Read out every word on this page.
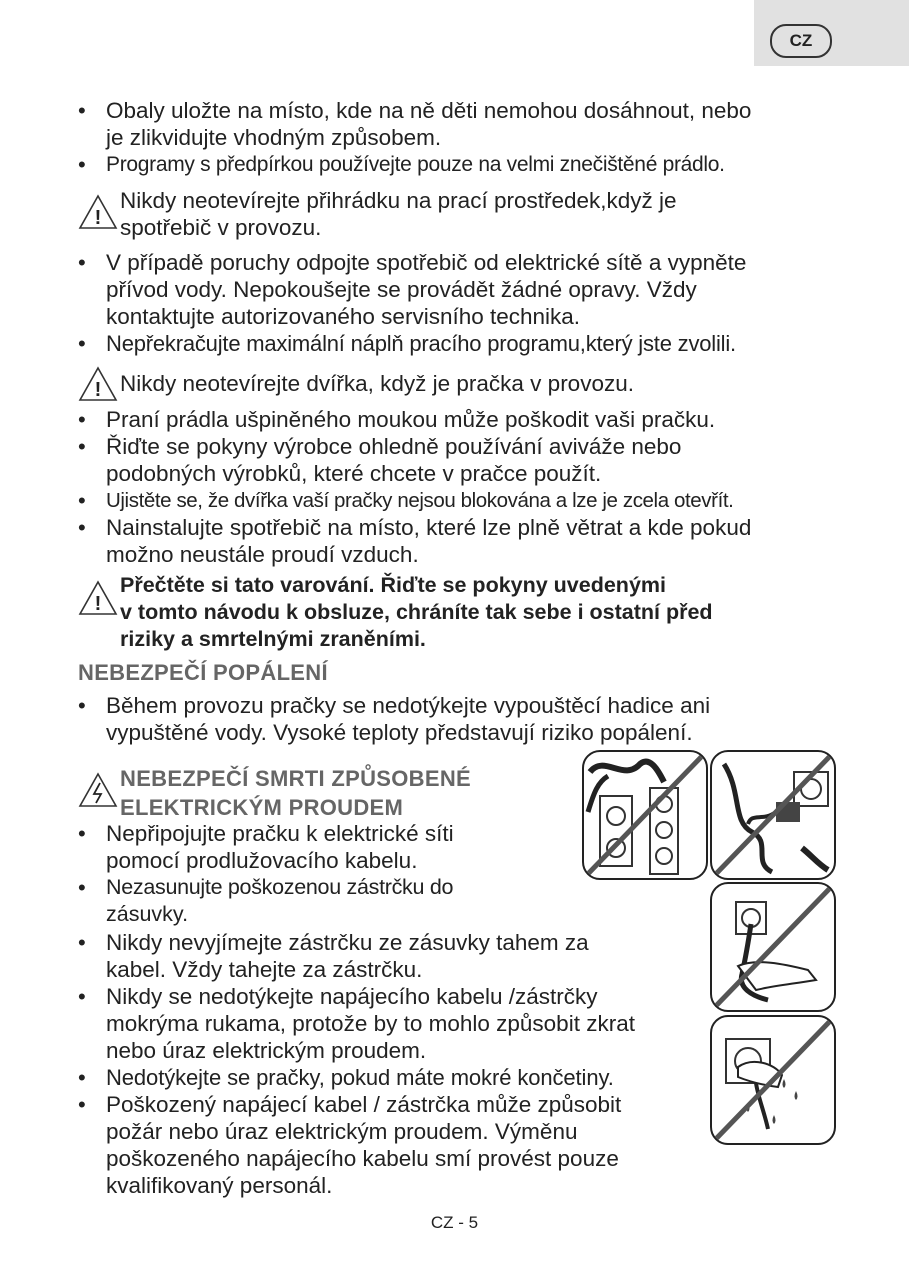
CZ
• Obaly uložte na místo, kde na ně děti nemohou dosáhnout, nebo
je zlikvidujte vhodným způsobem.
• Programy s předpírkou používejte pouze na velmi znečištěné prádlo.
!
Nikdy neotevírejte přihrádku na prací prostředek,když je
spotřebič v provozu.
• V případě poruchy odpojte spotřebič od elektrické sítě a vypněte
přívod vody. Nepokoušejte se provádět žádné opravy. Vždy
kontaktujte autorizovaného servisního technika.
• Nepřekračujte maximální náplň pracího programu,který jste zvolili.
! Nikdy neotevírejte dvířka, když je pračka v provozu.
• Praní prádla ušpiněného moukou může poškodit vaši pračku.
• Řiďte se pokyny výrobce ohledně používání aviváže nebo
podobných výrobků, které chcete v pračce použít.
• Ujistěte se, že dvířka vaší pračky nejsou blokována a lze je zcela otevřít.
• Nainstalujte spotřebič na místo, které lze plně větrat a kde pokud
možno neustále proudí vzduch.
!
Přečtěte si tato varování. Řiďte se pokyny uvedenými
v tomto návodu k obsluze, chráníte tak sebe i ostatní před
riziky a smrtelnými zraněními.
NEBEZPEČÍ POPÁLENÍ
• Během provozu pračky se nedotýkejte vypouštěcí hadice ani
vypuštěné vody. Vysoké teploty představují riziko popálení.
NEBEZPEČÍ SMRTI ZPŮSOBENÉ
ELEKTRICKÝM PROUDEM
• Nepřipojujte pračku k elektrické síti
pomocí prodlužovacího kabelu.
• Nezasunujte poškozenou zástrčku do
zásuvky.
• Nikdy nevyjímejte zástrčku ze zásuvky tahem za
kabel. Vždy tahejte za zástrčku.
• Nikdy se nedotýkejte napájecího kabelu /zástrčky
mokrýma rukama, protože by to mohlo způsobit zkrat
nebo úraz elektrickým proudem.
• Nedotýkejte se pračky, pokud máte mokré končetiny.
• Poškozený napájecí kabel / zástrčka může způsobit
požár nebo úraz elektrickým proudem. Výměnu
poškozeného napájecího kabelu smí provést pouze
kvalifikovaný personál.
CZ - 5
